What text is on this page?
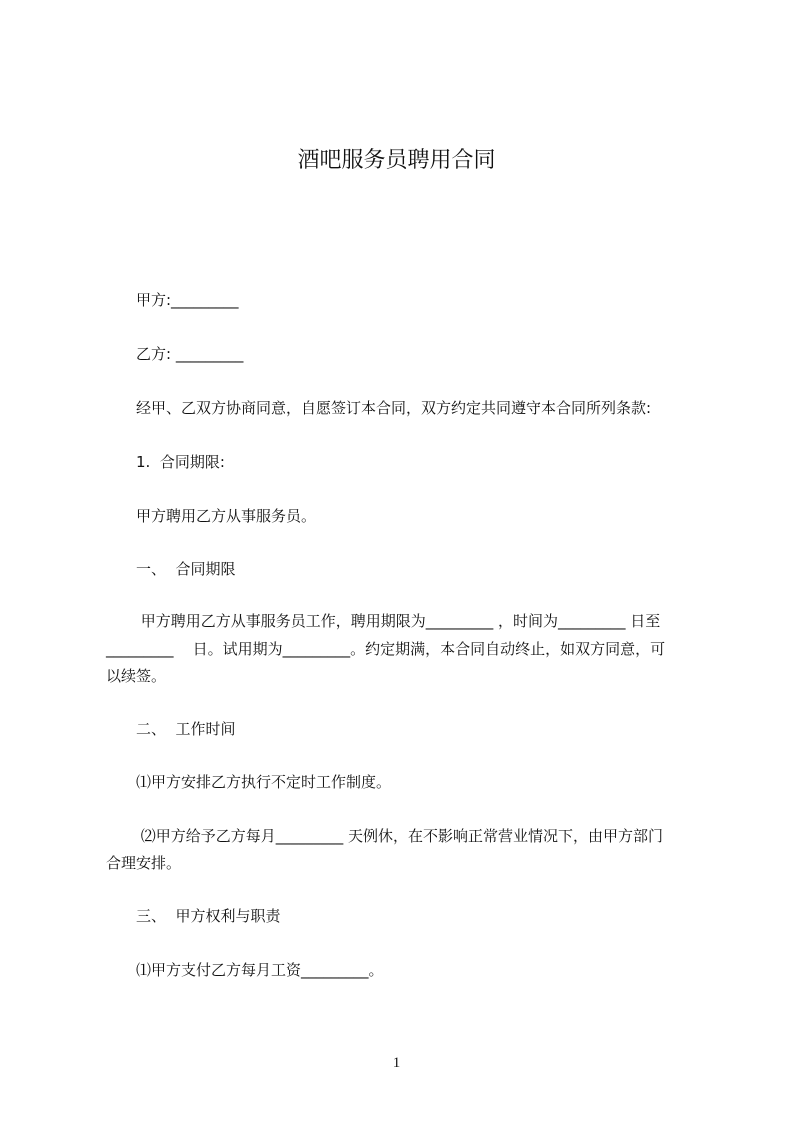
酒吧服务员聘用合同
甲方:_________
乙方: _________
经甲、乙双方协商同意，自愿签订本合同，双方约定共同遵守本合同所列条款:
1.  合同期限:
甲方聘用乙方从事服务员。
一、  合同期限
甲方聘用乙方从事服务员工作，聘用期限为_________ ，时间为_________ 日至
_________    日。试用期为_________。约定期满，本合同自动终止，如双方同意，可
以续签。
二、  工作时间
⑴甲方安排乙方执行不定时工作制度。
⑵甲方给予乙方每月_________ 天例休，在不影响正常营业情况下，由甲方部门
合理安排。
三、  甲方权利与职责
⑴甲方支付乙方每月工资_________。
1
